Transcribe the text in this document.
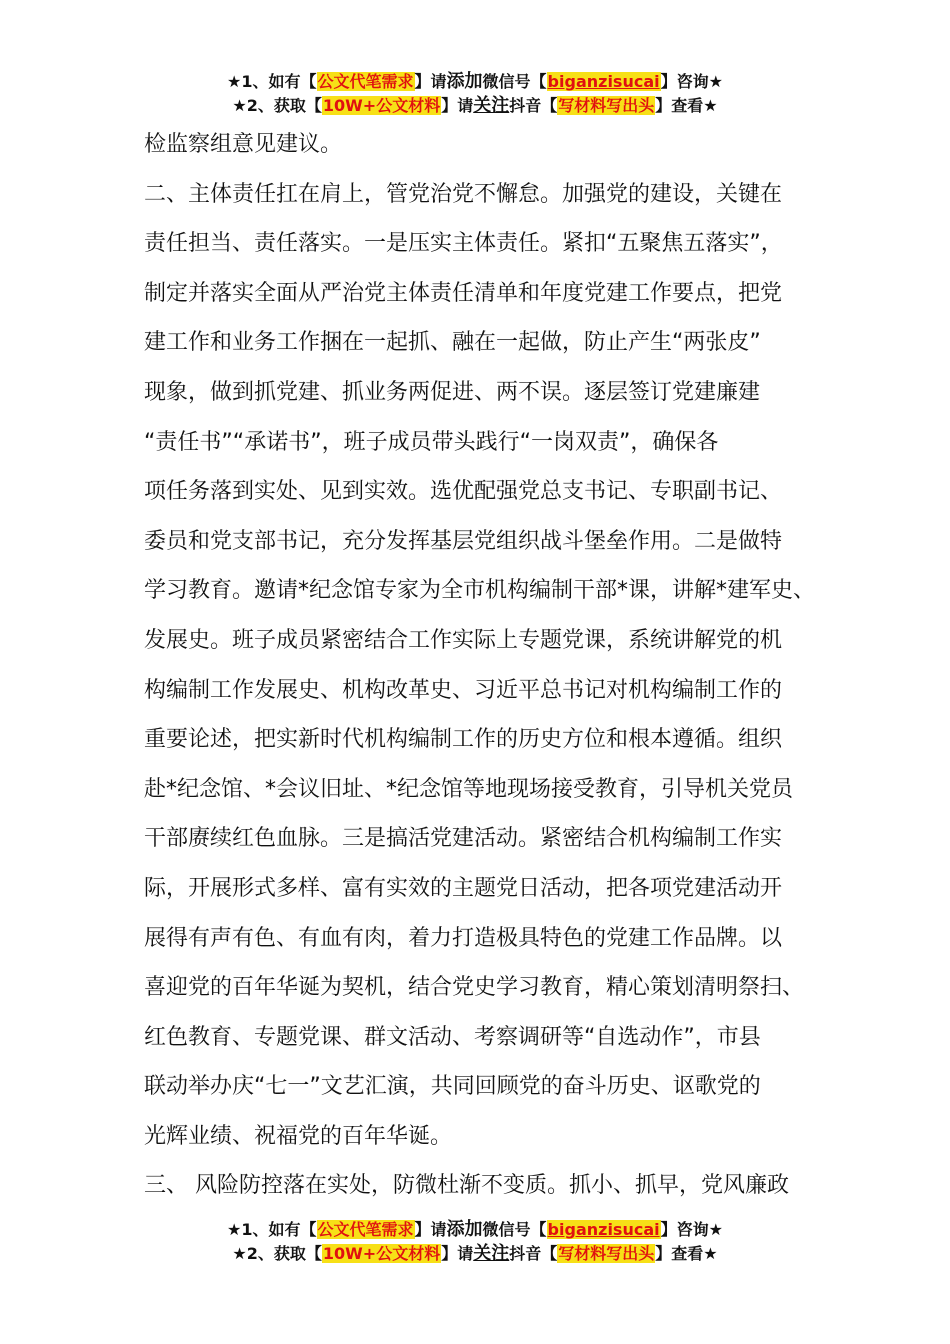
★1、如有【公文代笔需求】请添加微信号【biganzisucai】咨询★
★2、获取【10W+公文材料】请关注抖音【写材料写出头】查看★
检监察组意见建议。
二、主体责任扛在肩上，管党治党不懈怠。加强党的建设，关键在
责任担当、责任落实。一是压实主体责任。紧扣“五聚焦五落实”，
制定并落实全面从严治党主体责任清单和年度党建工作要点，把党
建工作和业务工作捆在一起抓、融在一起做，防止产生“两张皮”
现象，做到抓党建、抓业务两促进、两不误。逐层签订党建廉建
“责任书”“承诺书”，班子成员带头践行“一岗双责”，确保各
项任务落到实处、见到实效。选优配强党总支书记、专职副书记、
委员和党支部书记，充分发挥基层党组织战斗堡垒作用。二是做特
学习教育。邀请*纪念馆专家为全市机构编制干部*课，讲解*建军史、
发展史。班子成员紧密结合工作实际上专题党课，系统讲解党的机
构编制工作发展史、机构改革史、习近平总书记对机构编制工作的
重要论述，把实新时代机构编制工作的历史方位和根本遵循。组织
赴*纪念馆、*会议旧址、*纪念馆等地现场接受教育，引导机关党员
干部赓续红色血脉。三是搞活党建活动。紧密结合机构编制工作实
际，开展形式多样、富有实效的主题党日活动，把各项党建活动开
展得有声有色、有血有肉，着力打造极具特色的党建工作品牌。以
喜迎党的百年华诞为契机，结合党史学习教育，精心策划清明祭扫、
红色教育、专题党课、群文活动、考察调研等“自选动作”，市县
联动举办庆“七一”文艺汇演，共同回顾党的奋斗历史、讴歌党的
光辉业绩、祝福党的百年华诞。
三、 风险防控落在实处，防微杜渐不变质。抓小、抓早，党风廉政
★1、如有【公文代笔需求】请添加微信号【biganzisucai】咨询★
★2、获取【10W+公文材料】请关注抖音【写材料写出头】查看★
